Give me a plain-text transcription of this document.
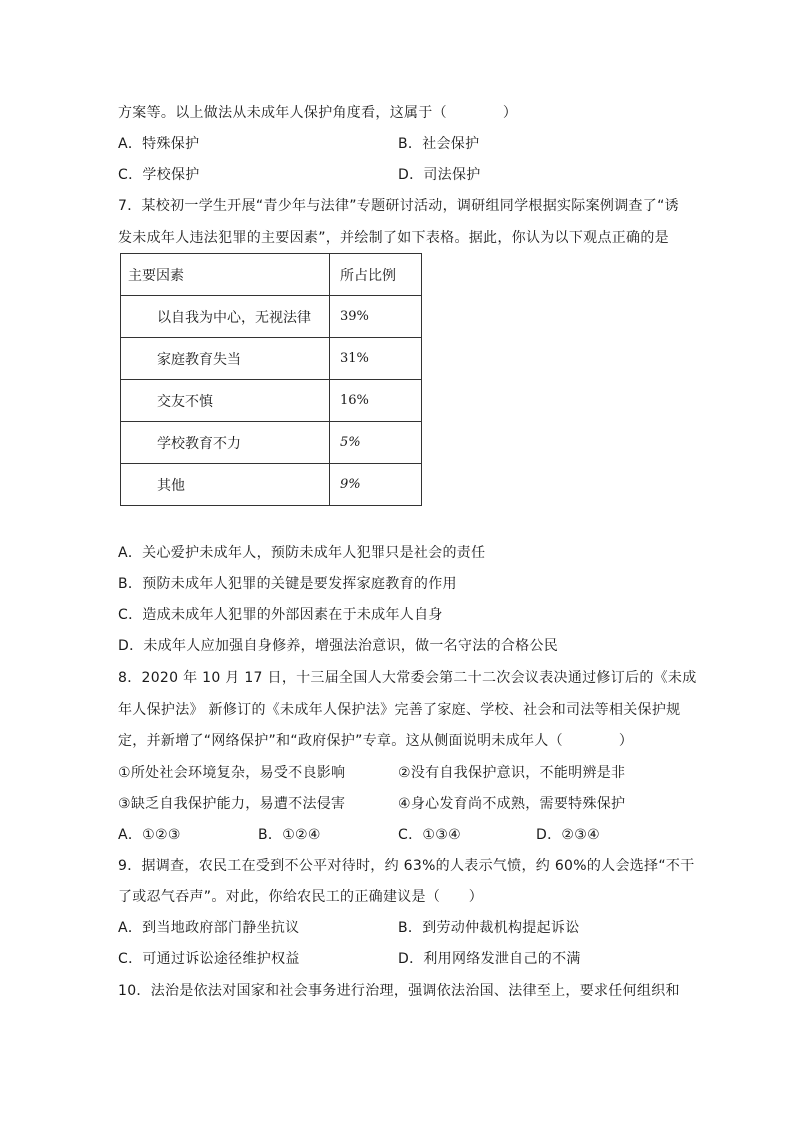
方案等。以上做法从未成年人保护角度看，这属于（	）
A．特殊保护	B．社会保护
C．学校保护	D．司法保护
7．某校初一学生开展“青少年与法律”专题研讨活动，调研组同学根据实际案例调查了“诱
发未成年人违法犯罪的主要因素”，并绘制了如下表格。据此，你认为以下观点正确的是
主要因素	所占比例
以自我为中心，无视法律	39%
家庭教育失当	31%
交友不慎	16%
学校教育不力	5%
其他	9%
A．关心爱护未成年人，预防未成年人犯罪只是社会的责任
B．预防未成年人犯罪的关键是要发挥家庭教育的作用
C．造成未成年人犯罪的外部因素在于未成年人自身
D．未成年人应加强自身修养，增强法治意识，做一名守法的合格公民
8．2020 年 10 月 17 日，十三届全国人大常委会第二十二次会议表决通过修订后的《未成
年人保护法》 新修订的《未成年人保护法》完善了家庭、学校、社会和司法等相关保护规
定，并新增了“网络保护”和“政府保护”专章。这从侧面说明未成年人（	）
①所处社会环境复杂，易受不良影响	②没有自我保护意识，不能明辨是非
③缺乏自我保护能力，易遭不法侵害	④身心发育尚不成熟，需要特殊保护
A．①②③	B．①②④	C．①③④	D．②③④
9．据调查，农民工在受到不公平对待时，约 63%的人表示气愤，约 60%的人会选择“不干
了或忍气吞声”。对此，你给农民工的正确建议是（　　）
A．到当地政府部门静坐抗议	B．到劳动仲裁机构提起诉讼
C．可通过诉讼途径维护权益	D．利用网络发泄自己的不满
10．法治是依法对国家和社会事务进行治理，强调依法治国、法律至上，要求任何组织和
